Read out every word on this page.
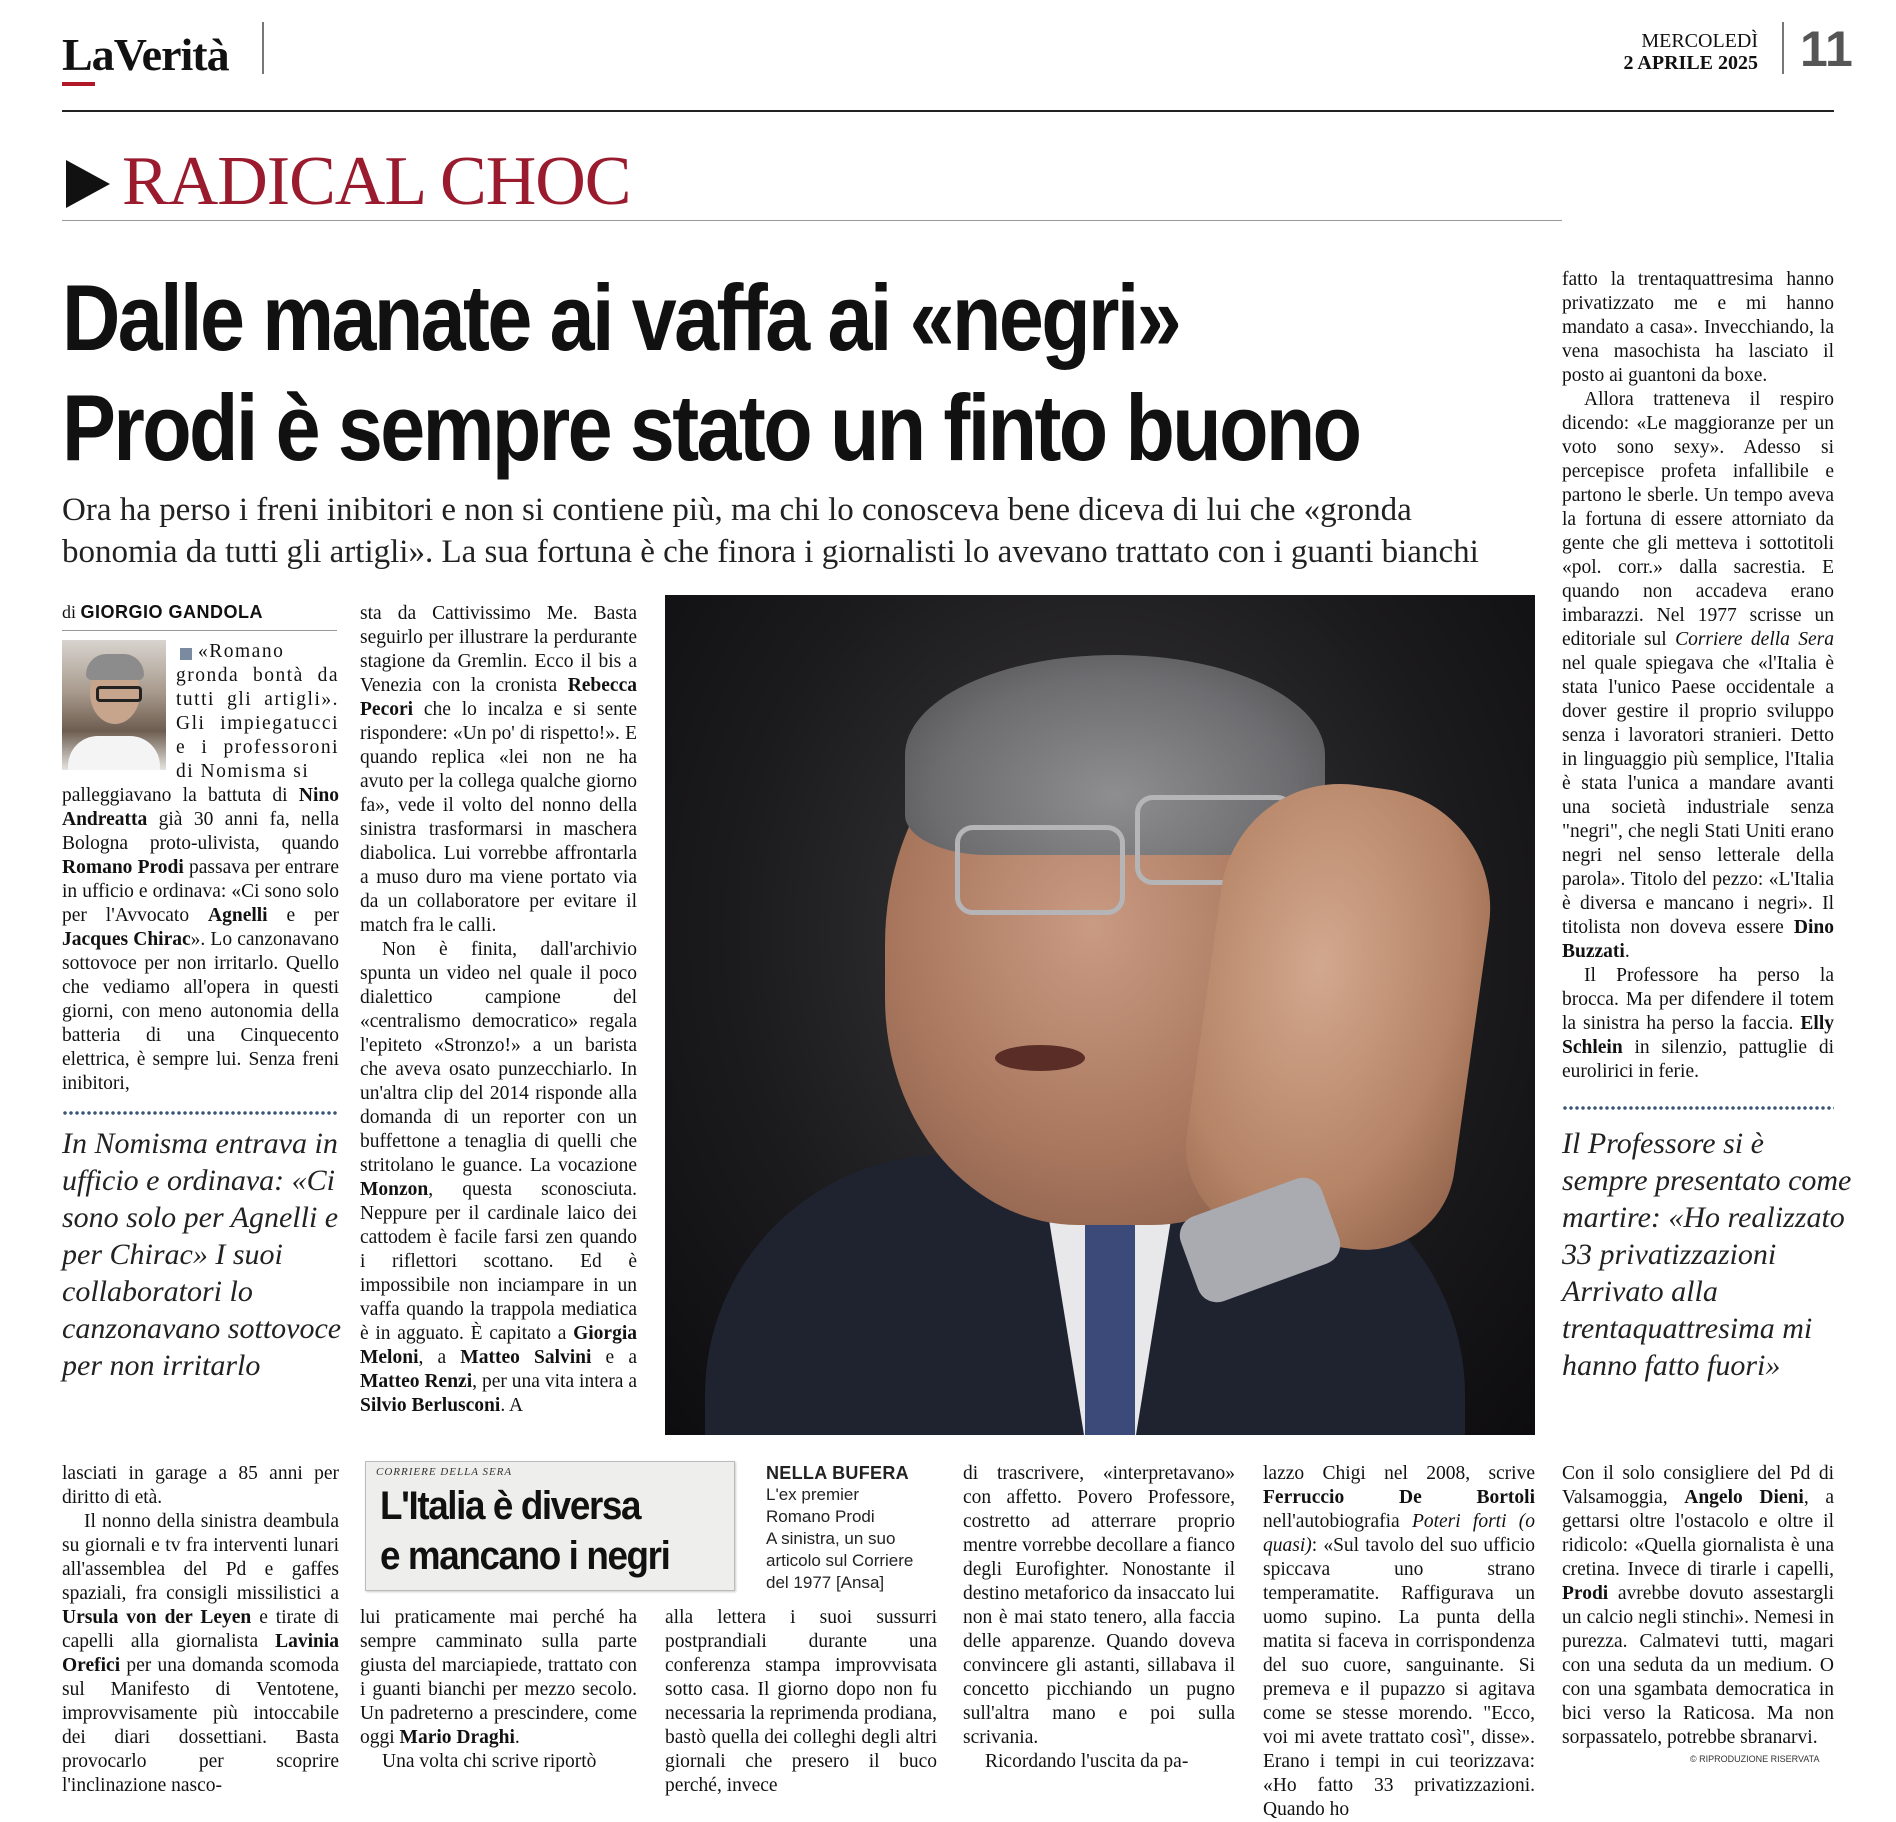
LaVerità	MERCOLEDÌ
2 APRILE 2025 11
RADICAL CHOC
Dalle manate ai vaffa ai «negri»
Prodi è sempre stato un finto buono
Ora ha perso i freni inibitori e non si contiene più, ma chi lo conosceva bene diceva di lui che «gronda
bonomia da tutti gli artigli». La sua fortuna è che finora i giornalisti lo avevano trattato con i guanti bianchi
di GIORGIO GANDOLA

«Romano gronda bontà da tutti gli artigli». Gli impiegatucci e i professoroni di Nomisma si

palleggiavano la battuta di Nino Andreatta già 30 anni fa, nella Bologna proto-ulivista, quando Romano Prodi passava per entrare in ufficio e ordinava: «Ci sono solo per l'Avvocato Agnelli e per Jacques Chirac». Lo canzonavano sottovoce per non irritarlo. Quello che vediamo all'opera in questi giorni, con meno autonomia della batteria di una Cinquecento elettrica, è sempre lui. Senza freni inibitori,

In Nomisma entrava in ufficio e ordinava: «Ci sono solo per Agnelli e per Chirac» I suoi collaboratori lo canzonavano sottovoce per non irritarlo

sta da Cattivissimo Me. Basta seguirlo per illustrare la perdurante stagione da Gremlin. Ecco il bis a Venezia con la cronista Rebecca Pecori che lo incalza e si sente rispondere: «Un po' di rispetto!». E quando replica «lei non ne ha avuto per la collega qualche giorno fa», vede il volto del nonno della sinistra trasformarsi in maschera diabolica. Lui vorrebbe affrontarla a muso duro ma viene portato via da un collaboratore per evitare il match fra le calli.

Non è finita, dall'archivio spunta un video nel quale il poco dialettico campione del «centralismo democratico» regala l'epiteto «Stronzo!» a un barista che aveva osato punzecchiarlo. In un'altra clip del 2014 risponde alla domanda di un reporter con un buffettone a tenaglia di quelli che stritolano le guance. La vocazione Monzon, questa sconosciuta. Neppure per il cardinale laico dei cattodem è facile farsi zen quando i riflettori scottano. Ed è impossibile non inciampare in un vaffa quando la trappola mediatica è in agguato. È capitato a Giorgia Meloni, a Matteo Salvini e a Matteo Renzi, per una vita intera a Silvio Berlusconi. A

fatto la trentaquattresima hanno privatizzato me e mi hanno mandato a casa». Invecchiando, la vena masochista ha lasciato il posto ai guantoni da boxe.

Allora tratteneva il respiro dicendo: «Le maggioranze per un voto sono sexy». Adesso si percepisce profeta infallibile e partono le sberle. Un tempo aveva la fortuna di essere attorniato da gente che gli metteva i sottotitoli «pol. corr.» dalla sacrestia. E quando non accadeva erano imbarazzi. Nel 1977 scrisse un editoriale sul Corriere della Sera nel quale spiegava che «l'Italia è stata l'unico Paese occidentale a dover gestire il proprio sviluppo senza i lavoratori stranieri. Detto in linguaggio più semplice, l'Italia è stata l'unica a mandare avanti una società industriale senza "negri", che negli Stati Uniti erano negri nel senso letterale della parola». Titolo del pezzo: «L'Italia è diversa e mancano i negri». Il titolista non doveva essere Dino Buzzati.

Il Professore ha perso la brocca. Ma per difendere il totem la sinistra ha perso la faccia. Elly Schlein in silenzio, pattuglie di eurolirici in ferie.

Il Professore si è sempre presentato come martire: «Ho realizzato 33 privatizzazioni Arrivato alla trentaquattresima mi hanno fatto fuori»

lasciati in garage a 85 anni per diritto di età.

Il nonno della sinistra deambula su giornali e tv fra interventi lunari all'assemblea del Pd e gaffes spaziali, fra consigli missilistici a Ursula von der Leyen e tirate di capelli alla giornalista Lavinia Orefici per una domanda scomoda sul Manifesto di Ventotene, improvvisamente più intoccabile dei diari dossettiani. Basta provocarlo per scoprire l'inclinazione nasco-

CORRIERE DELLA SERA
L'Italia è diversa
e mancano i negri
NELLA BUFERA
L'ex premier
Romano Prodi
A sinistra, un suo
articolo sul Corriere
del 1977 [Ansa]

lui praticamente mai perché ha sempre camminato sulla parte giusta del marciapiede, trattato con i guanti bianchi per mezzo secolo. Un padreterno a prescindere, come oggi Mario Draghi.

Una volta chi scrive riportò

alla lettera i suoi sussurri postprandiali durante una conferenza stampa improvvisata sotto casa. Il giorno dopo non fu necessaria la reprimenda prodiana, bastò quella dei colleghi degli altri giornali che presero il buco perché, invece

di trascrivere, «interpretavano» con affetto. Povero Professore, costretto ad atterrare proprio mentre vorrebbe decollare a fianco degli Eurofighter. Nonostante il destino metaforico da insaccato lui non è mai stato tenero, alla faccia delle apparenze. Quando doveva convincere gli astanti, sillabava il concetto picchiando un pugno sull'altra mano e poi sulla scrivania.

Ricordando l'uscita da pa-

lazzo Chigi nel 2008, scrive Ferruccio De Bortoli nell'autobiografia Poteri forti (o quasi): «Sul tavolo del suo ufficio spiccava uno strano temperamatite. Raffigurava un uomo supino. La punta della matita si faceva in corrispondenza del suo cuore, sanguinante. Si premeva e il pupazzo si agitava come se stesse morendo. "Ecco, voi mi avete trattato così", disse». Erano i tempi in cui teorizzava: «Ho fatto 33 privatizzazioni. Quando ho

Con il solo consigliere del Pd di Valsamoggia, Angelo Dieni, a gettarsi oltre l'ostacolo e oltre il ridicolo: «Quella giornalista è una cretina. Invece di tirarle i capelli, Prodi avrebbe dovuto assestargli un calcio negli stinchi». Nemesi in purezza. Calmatevi tutti, magari con una seduta da un medium. O con una sgambata democratica in bici verso la Raticosa. Ma non sorpassatelo, potrebbe sbranarvi.

© RIPRODUZIONE RISERVATA
